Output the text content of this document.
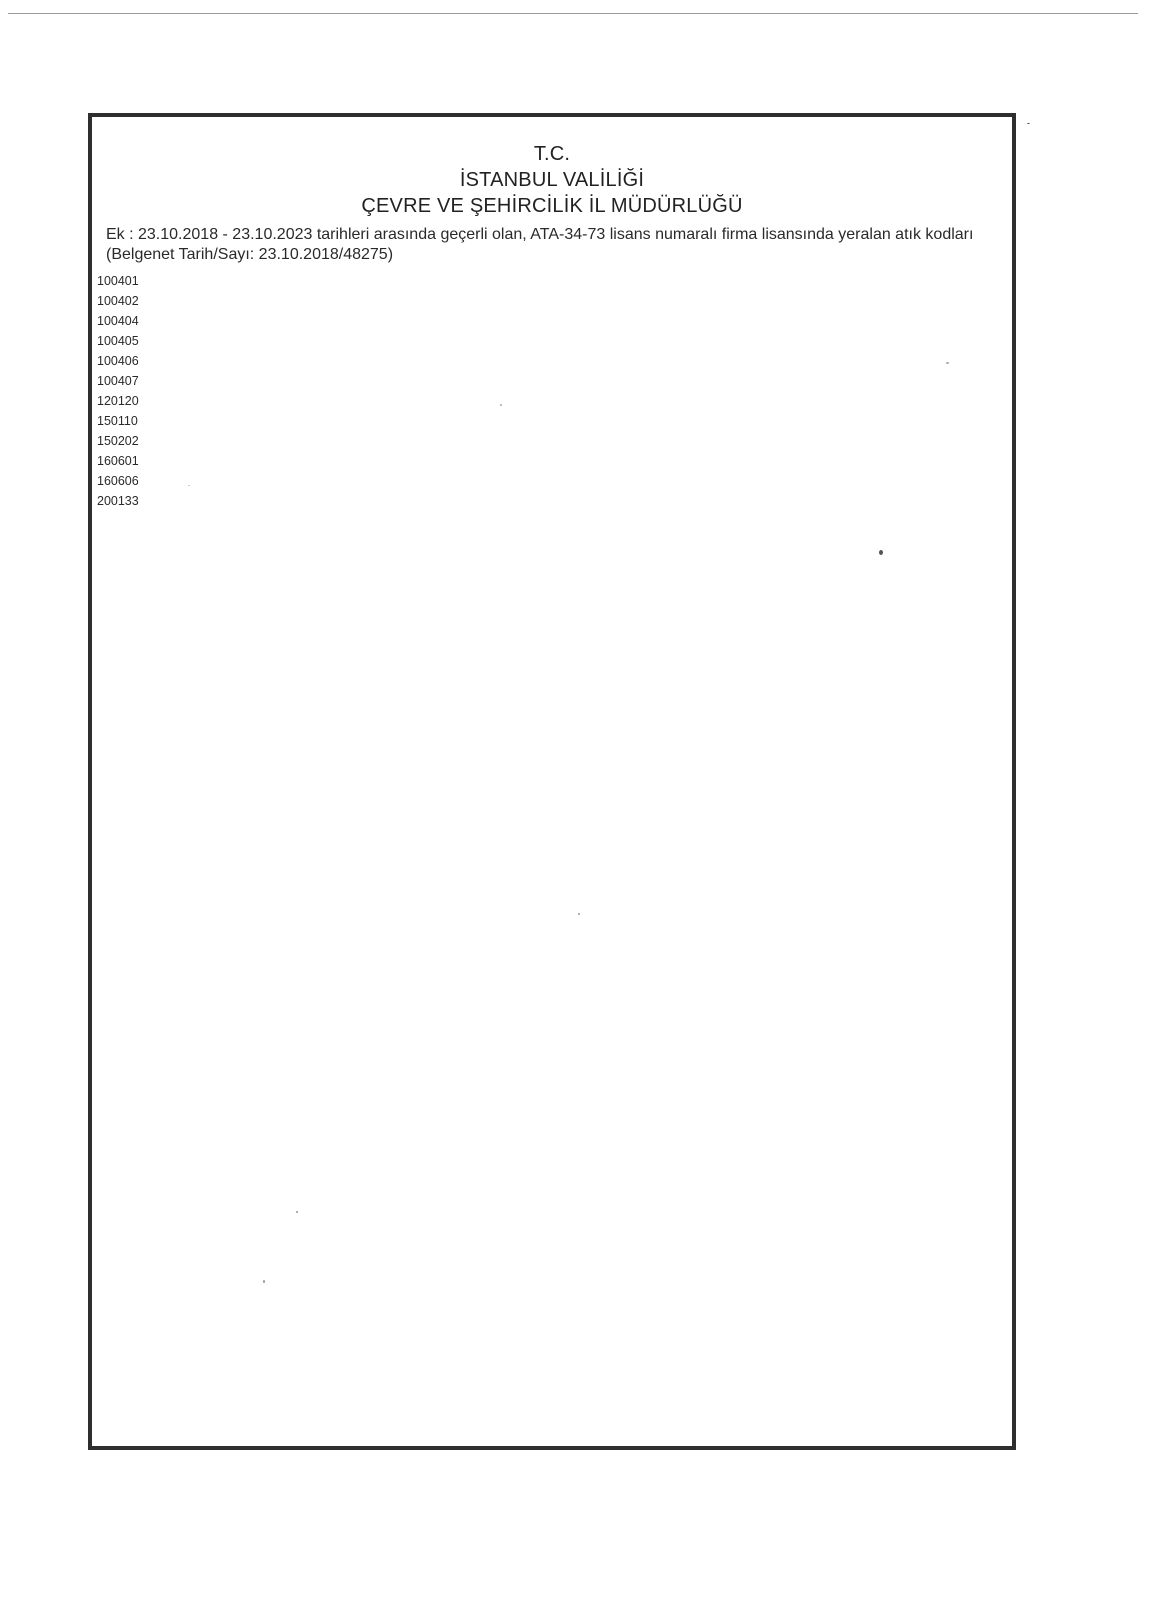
T.C.
İSTANBUL VALİLİĞİ
ÇEVRE VE ŞEHİRCİLİK İL MÜDÜRLÜĞÜ
Ek : 23.10.2018 - 23.10.2023 tarihleri arasında geçerli olan, ATA-34-73 lisans numaralı firma lisansında yeralan atık kodları (Belgenet Tarih/Sayı: 23.10.2018/48275)
100401
100402
100404
100405
100406
100407
120120
150110
150202
160601
160606
200133
